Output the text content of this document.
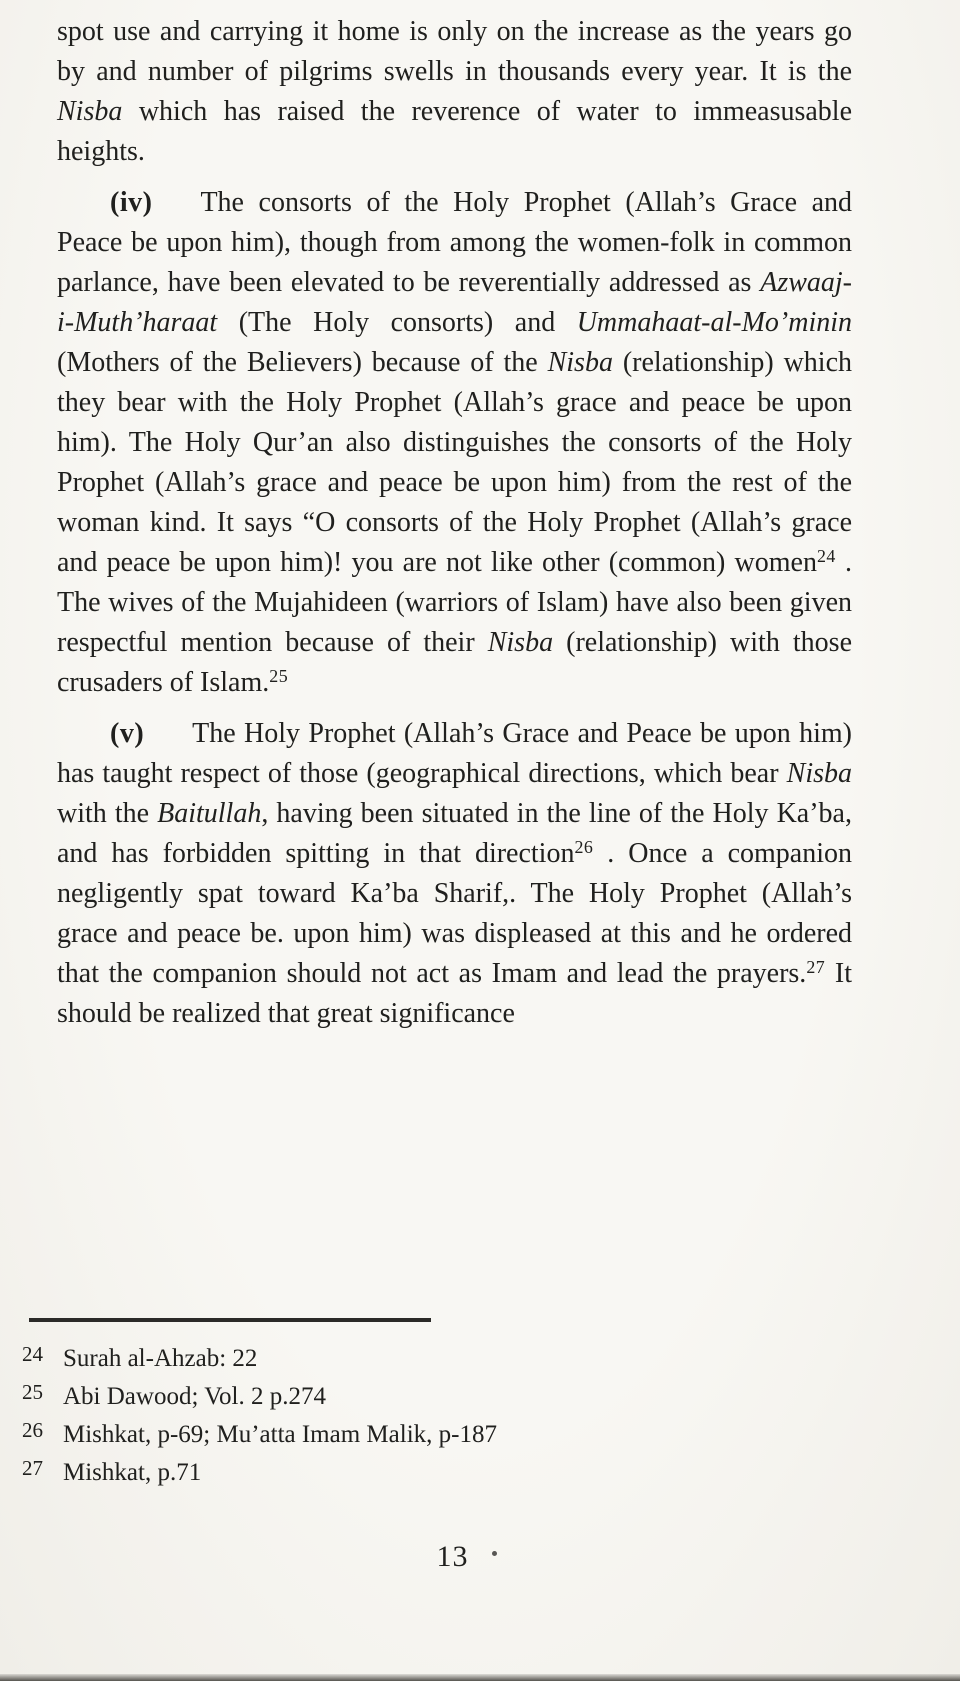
spot use and carrying it home is only on the increase as the years go by and number of pilgrims swells in thousands every year. It is the Nisba which has raised the reverence of water to immeasusable heights.

(iv) The consorts of the Holy Prophet (Allah’s Grace and Peace be upon him), though from among the women-folk in common parlance, have been elevated to be reverentially addressed as Azwaaj-i-Muth’haraat (The Holy consorts) and Ummahaat-al-Mo’minin (Mothers of the Believers) because of the Nisba (relationship) which they bear with the Holy Prophet (Allah’s grace and peace be upon him). The Holy Qur’an also distinguishes the consorts of the Holy Prophet (Allah’s grace and peace be upon him) from the rest of the woman kind. It says “O consorts of the Holy Prophet (Allah’s grace and peace be upon him)! you are not like other (common) women$^{24}$ . The wives of the Mujahideen (warriors of Islam) have also been given respectful mention because of their Nisba (relationship) with those crusaders of Islam.$^{25}$

(v) The Holy Prophet (Allah’s Grace and Peace be upon him) has taught respect of those (geographical directions, which bear Nisba with the Baitullah, having been situated in the line of the Holy Ka’ba, and has forbidden spitting in that direction$^{26}$ . Once a companion negligently spat toward Ka’ba Sharif,. The Holy Prophet (Allah’s grace and peace be. upon him) was displeased at this and he ordered that the companion should not act as Imam and lead the prayers.$^{27}$ It should be realized that great significance

24 Surah al-Ahzab: 22
25 Abi Dawood; Vol. 2 p.274
26 Mishkat, p-69; Mu’atta Imam Malik, p-187
27 Mishkat, p.71
13
